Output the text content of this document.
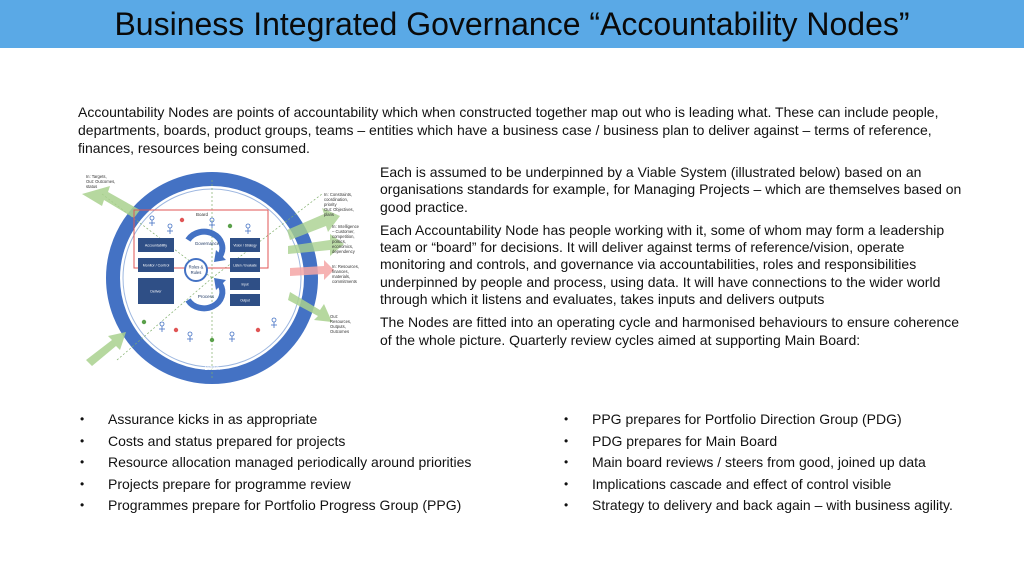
Business Integrated Governance “Accountability Nodes”
Accountability Nodes are points of accountability which when constructed together map out who is leading what. These can include people, departments, boards, product groups, teams – entities which have a business case / business plan to deliver against – terms of reference, finances, resources being consumed.

Each is assumed to be underpinned by a Viable System (illustrated below) based on an organisations standards for example, for Managing Projects – which are themselves based on good practice.

Each Accountability Node has people working with it, some of whom may form a leadership team or “board” for decisions. It will deliver against terms of reference/vision, operate monitoring and controls, and governance via accountabilities, roles and responsibilities underpinned by people and process, using data. It will have connections to the wider world through which it listens and evaluates, takes inputs and delivers outputs

The Nodes are fitted into an operating cycle and harmonised behaviours to ensure coherence of the whole picture. Quarterly review cycles aimed at supporting Main Board:

• Assurance kicks in as appropriate
• Costs and status prepared for projects
• Resource allocation managed periodically around priorities
• Projects prepare for programme review
• Programmes prepare for Portfolio Progress Group (PPG)
• PPG prepares for Portfolio Direction Group (PDG)
• PDG prepares for Main Board
• Main board reviews / steers from good, joined up data
• Implications cascade and effect of control visible
• Strategy to delivery and back again – with business agility.
Board
Accountability
Monitor / Control
Deliver
Vision / Strategy
Listen / Evaluate
Input
Output
Governance
Roles &
Rules
Process
DATA
In: Targets,
Out: Outcomes,
status
In: Constraints,
coordination,
priority
Out: Objectives,
plans
In: Intelligence
– Customer,
competition,
politics,
economics,
dependency
In: Resources,
finances,
materials,
commitments
Out:
Resources,
Outputs,
Outcomes
